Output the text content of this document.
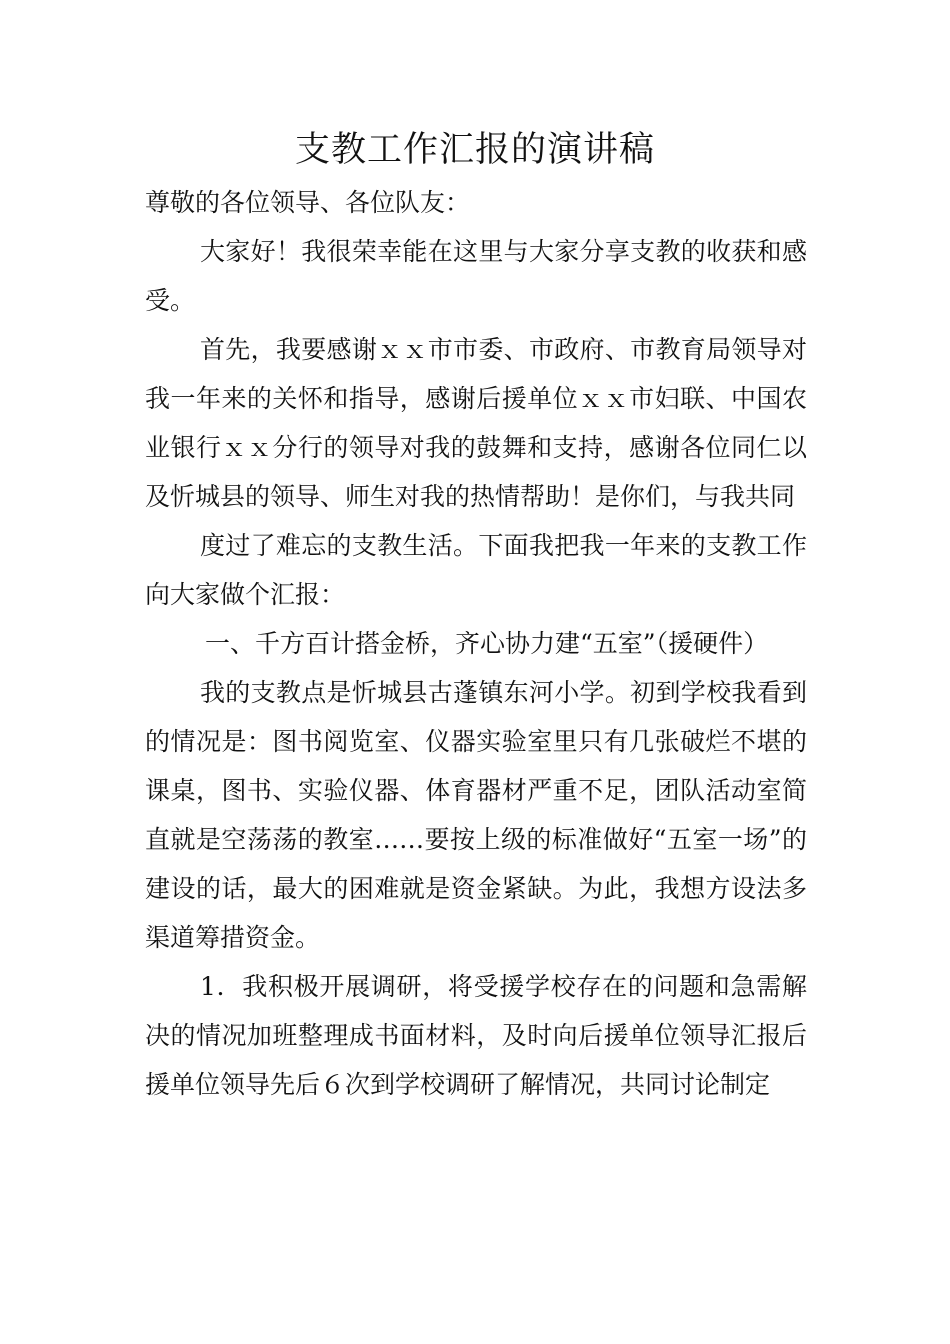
支教工作汇报的演讲稿

尊敬的各位领导、各位队友：

大家好！我很荣幸能在这里与大家分享支教的收获和感受。

首先，我要感谢ｘｘ市市委、市政府、市教育局领导对我一年来的关怀和指导，感谢后援单位ｘｘ市妇联、中国农业银行ｘｘ分行的领导对我的鼓舞和支持，感谢各位同仁以及忻城县的领导、师生对我的热情帮助！是你们，与我共同

度过了难忘的支教生活。下面我把我一年来的支教工作向大家做个汇报：

一、千方百计搭金桥，齐心协力建“五室”（援硬件）

我的支教点是忻城县古蓬镇东河小学。初到学校我看到的情况是：图书阅览室、仪器实验室里只有几张破烂不堪的课桌，图书、实验仪器、体育器材严重不足，团队活动室简直就是空荡荡的教室……要按上级的标准做好“五室一场”的建设的话，最大的困难就是资金紧缺。为此，我想方设法多渠道筹措资金。

1．我积极开展调研，将受援学校存在的问题和急需解决的情况加班整理成书面材料，及时向后援单位领导汇报后援单位领导先后６次到学校调研了解情况，共同讨论制定
